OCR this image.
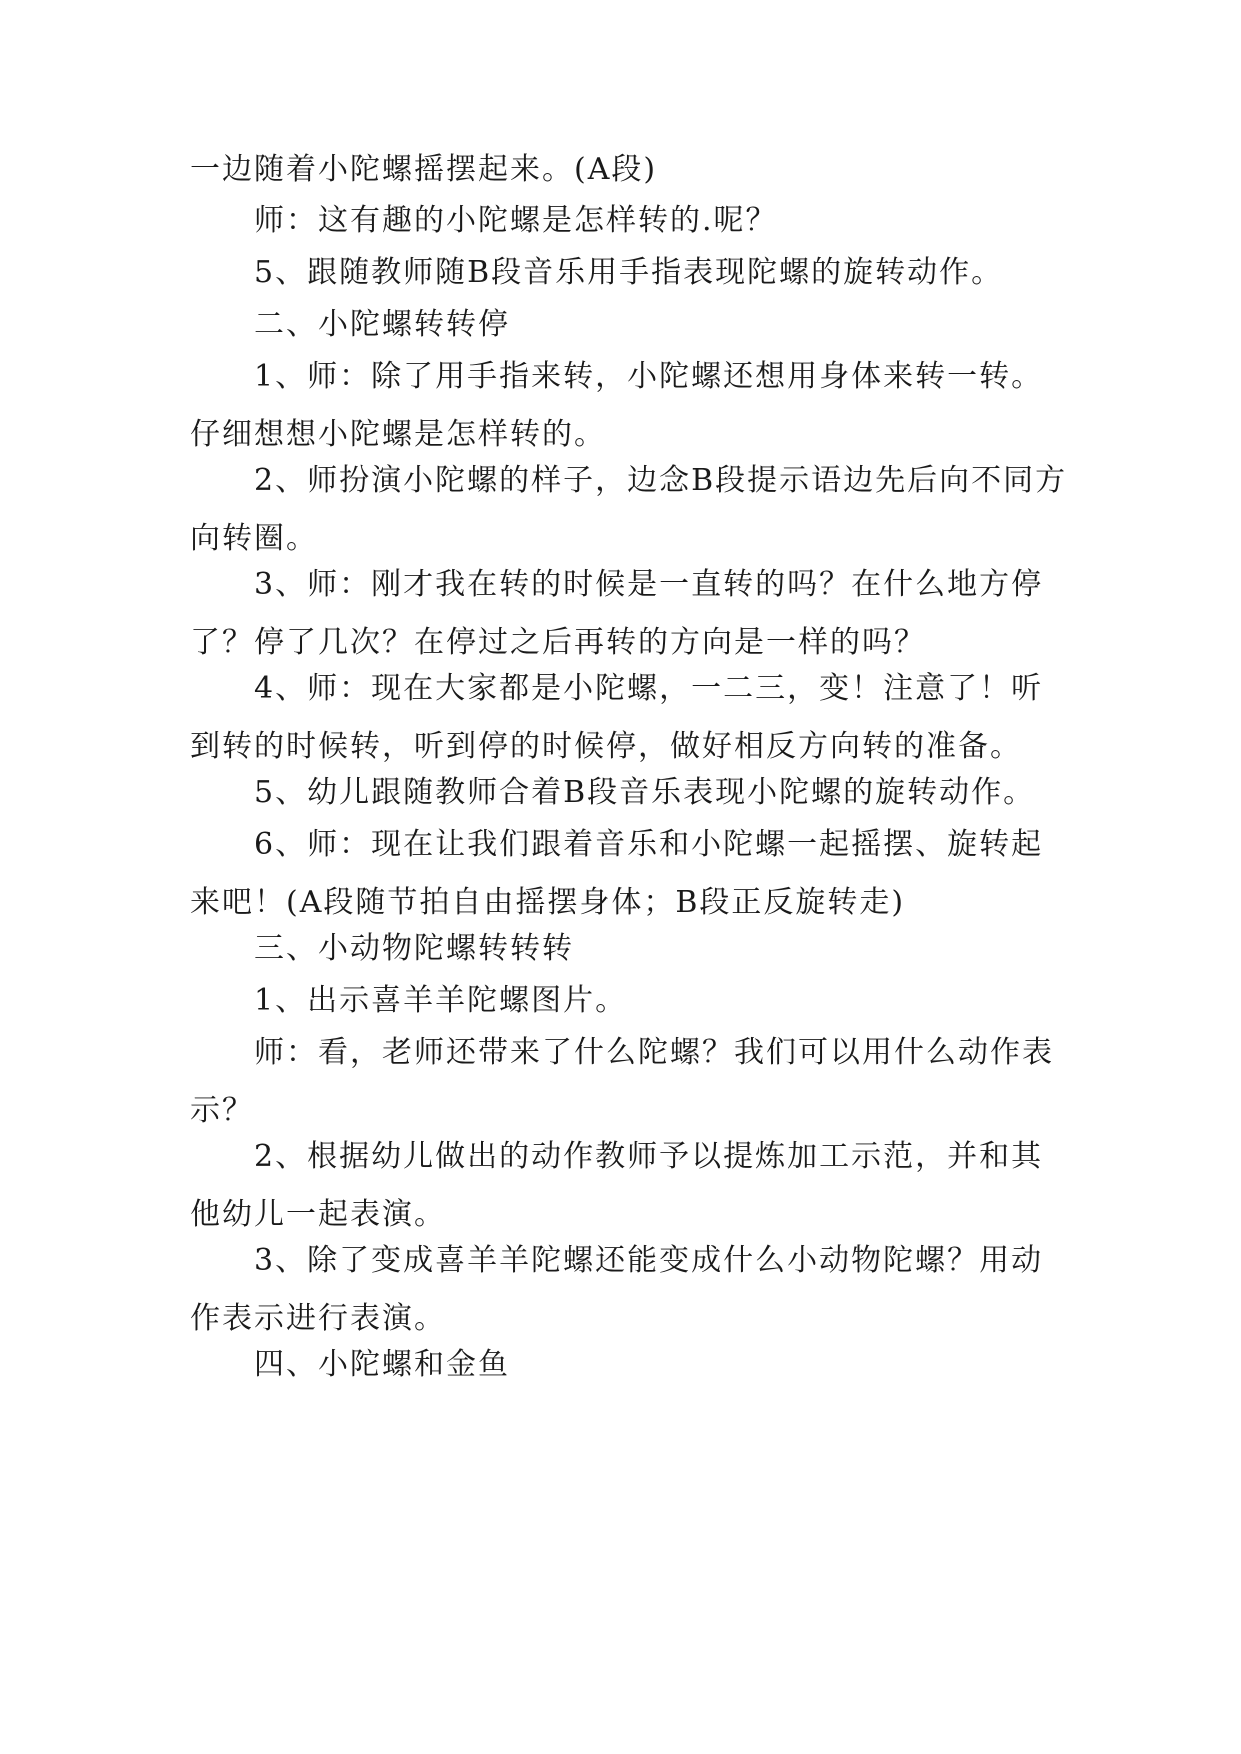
一边随着小陀螺摇摆起来。(A段)

师：这有趣的小陀螺是怎样转的.呢？

5、跟随教师随B段音乐用手指表现陀螺的旋转动作。

二、小陀螺转转停

1、师：除了用手指来转，小陀螺还想用身体来转一转。仔细想想小陀螺是怎样转的。

2、师扮演小陀螺的样子，边念B段提示语边先后向不同方向转圈。

3、师：刚才我在转的时候是一直转的吗？在什么地方停了？停了几次？在停过之后再转的方向是一样的吗？

4、师：现在大家都是小陀螺，一二三，变！注意了！听到转的时候转，听到停的时候停，做好相反方向转的准备。

5、幼儿跟随教师合着B段音乐表现小陀螺的旋转动作。

6、师：现在让我们跟着音乐和小陀螺一起摇摆、旋转起来吧！(A段随节拍自由摇摆身体；B段正反旋转走)

三、小动物陀螺转转转

1、出示喜羊羊陀螺图片。

师：看，老师还带来了什么陀螺？我们可以用什么动作表示？

2、根据幼儿做出的动作教师予以提炼加工示范，并和其他幼儿一起表演。

3、除了变成喜羊羊陀螺还能变成什么小动物陀螺？用动作表示进行表演。

四、小陀螺和金鱼
